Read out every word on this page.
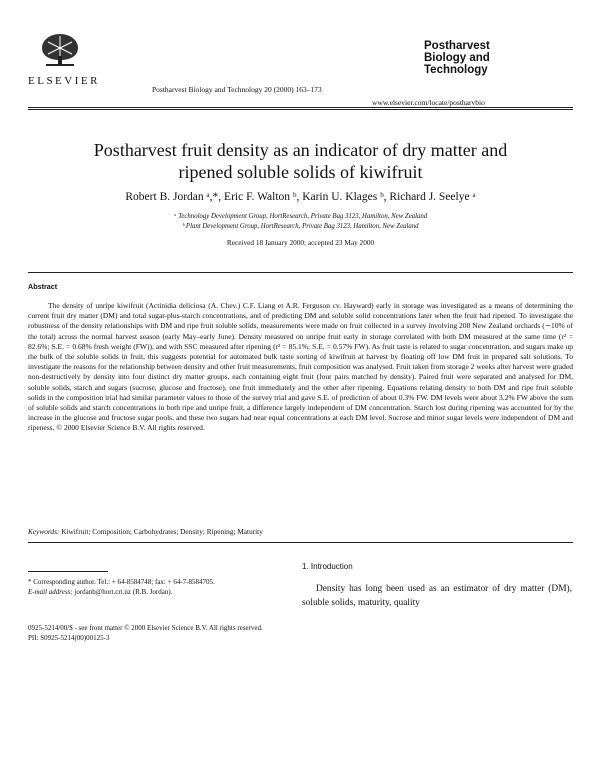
ELSEVIER
Postharvest Biology and Technology 20 (2000) 163–173
Postharvest
Biology and
Technology
www.elsevier.com/locate/postharvbio
Postharvest fruit density as an indicator of dry matter and
ripened soluble solids of kiwifruit
Robert B. Jordan ᵃ,*, Eric F. Walton ᵇ, Karin U. Klages ᵇ, Richard J. Seelye ᵃ
ᵃ Technology Development Group, HortResearch, Private Bag 3123, Hamilton, New Zealand
ᵇ Plant Development Group, HortResearch, Private Bag 3123, Hamilton, New Zealand
Received 18 January 2000; accepted 23 May 2000
Abstract
The density of unripe kiwifruit (Actinidia deliciosa (A. Chev.) C.F. Liang et A.R. Ferguson cv. Hayward) early in storage was investigated as a means of determining the current fruit dry matter (DM) and total sugar-plus-starch concentrations, and of predicting DM and soluble solid concentrations later when the fruit had ripened. To investigate the robustness of the density relationships with DM and ripe fruit soluble solids, measurements were made on fruit collected in a survey involving 208 New Zealand orchards (∼10% of the total) across the normal harvest season (early May–early June). Density measured on unripe fruit early in storage correlated with both DM measured at the same time (r² = 82.6%; S.E. = 0.68% fresh weight (FW)), and with SSC measured after ripening (r² = 85.1%; S.E. = 0.57% FW). As fruit taste is related to sugar concentration, and sugars make up the bulk of the soluble solids in fruit, this suggests potential for automated bulk taste sorting of kiwifruit at harvest by floating off low DM fruit in prepared salt solutions. To investigate the reasons for the relationship between density and other fruit measurements, fruit composition was analysed. Fruit taken from storage 2 weeks after harvest were graded non-destructively by density into four distinct dry matter groups, each containing eight fruit (four pairs matched by density). Paired fruit were separated and analysed for DM, soluble solids, starch and sugars (sucrose, glucose and fructose), one fruit immediately and the other after ripening. Equations relating density to both DM and ripe fruit soluble solids in the composition trial had similar parameter values to those of the survey trial and gave S.E. of prediction of about 0.3% FW. DM levels were about 3.2% FW above the sum of soluble solids and starch concentrations in both ripe and unripe fruit, a difference largely independent of DM concentration. Starch lost during ripening was accounted for by the increase in the glucose and fructose sugar pools, and these two sugars had near equal concentrations at each DM level. Sucrose and minor sugar levels were independent of DM and ripeness. © 2000 Elsevier Science B.V. All rights reserved.
Keywords: Kiwifruit; Composition; Carbohydrates; Density; Ripening; Maturity
* Corresponding author. Tel.: + 64-8584748; fax: + 64-7-8584705.
E-mail address: jordanb@hort.cri.nz (R.B. Jordan).
0925-5214/00/$ - see front matter © 2000 Elsevier Science B.V. All rights reserved.
PII: S0925-5214(00)00125-3
1. Introduction
Density has long been used as an estimator of dry matter (DM), soluble solids, maturity, quality
